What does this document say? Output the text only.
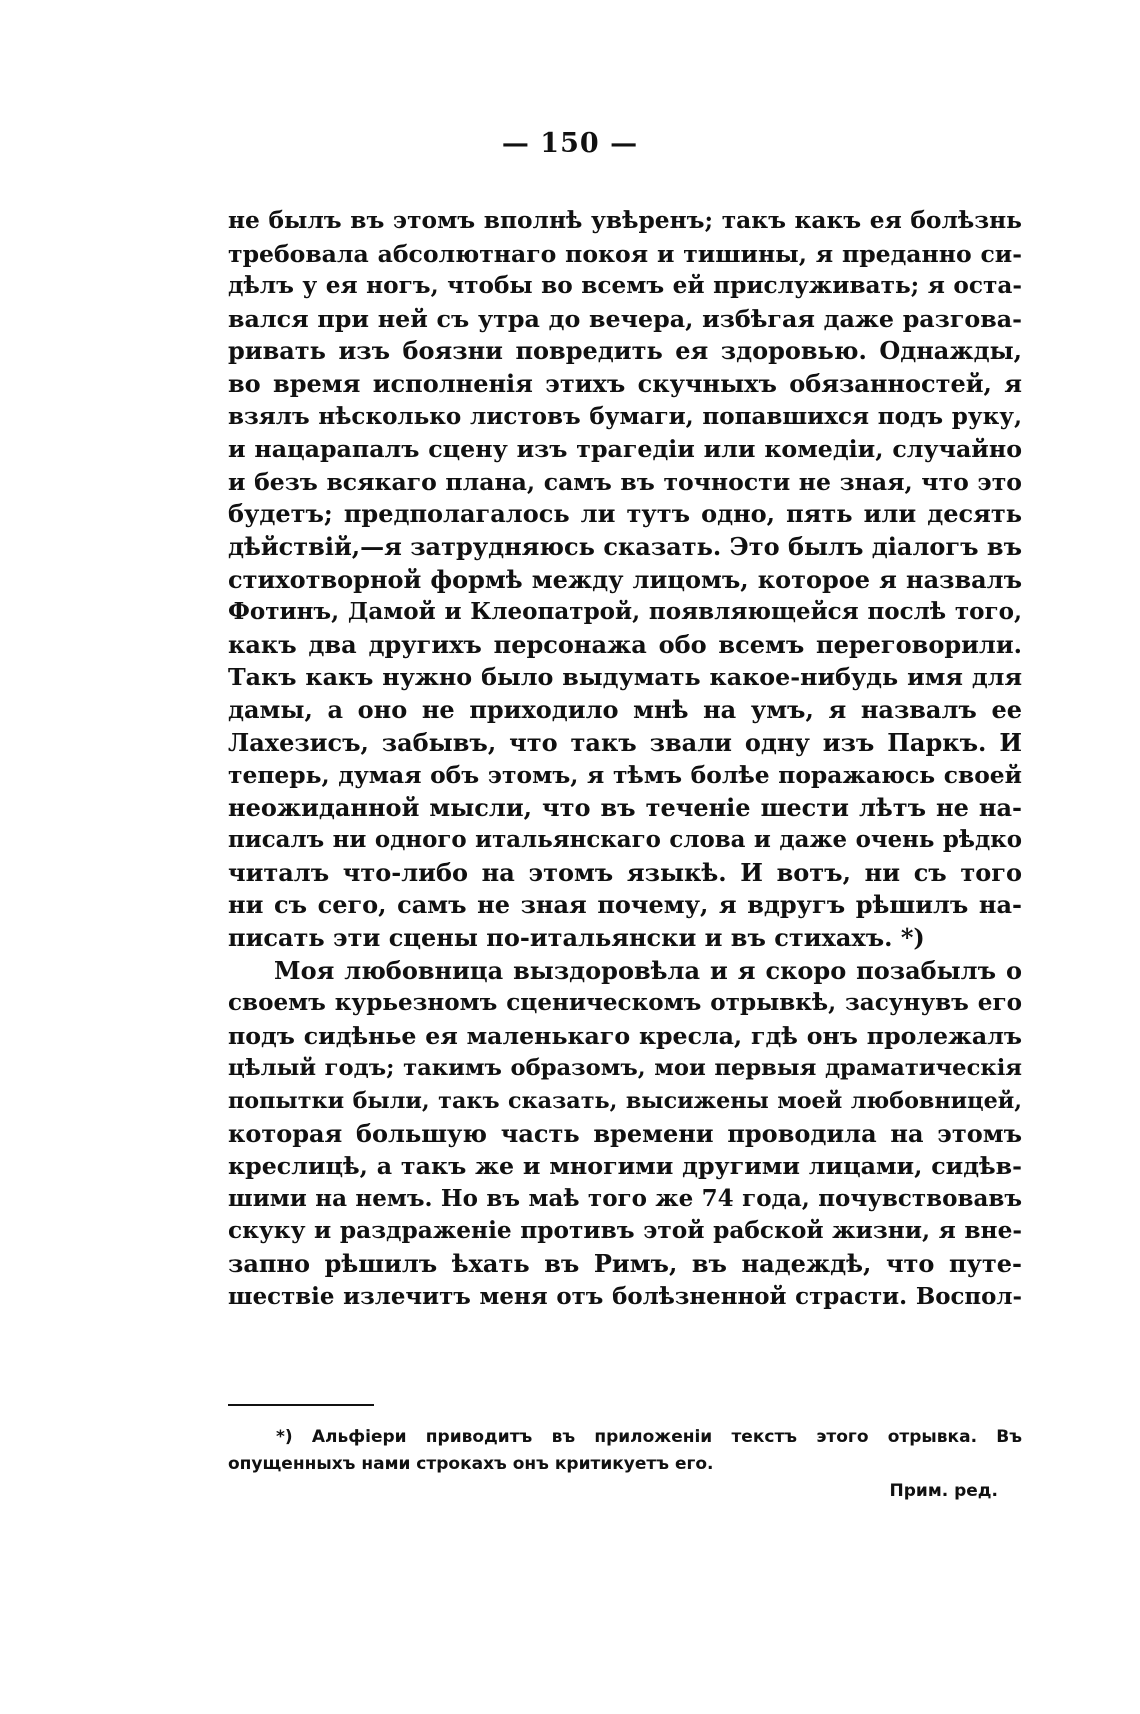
— 150 —
не былъ въ этомъ вполнѣ увѣренъ; такъ какъ ея болѣзнь
требовала абсолютнаго покоя и тишины, я преданно си-
дѣлъ у ея ногъ, чтобы во всемъ ей прислуживать; я оста-
вался при ней съ утра до вечера, избѣгая даже разгова-
ривать изъ боязни повредить ея здоровью. Однажды,
во время исполненія этихъ скучныхъ обязанностей, я
взялъ нѣсколько листовъ бумаги, попавшихся подъ руку,
и нацарапалъ сцену изъ трагедіи или комедіи, случайно
и безъ всякаго плана, самъ въ точности не зная, что это
будетъ; предполагалось ли тутъ одно, пять или десять
дѣйствій,—я затрудняюсь сказать. Это былъ діалогъ въ
стихотворной формѣ между лицомъ, которое я назвалъ
Фотинъ, Дамой и Клеопатрой, появляющейся послѣ того,
какъ два другихъ персонажа обо всемъ переговорили.
Такъ какъ нужно было выдумать какое-нибудь имя для
дамы, а оно не приходило мнѣ на умъ, я назвалъ ее
Лахезисъ, забывъ, что такъ звали одну изъ Паркъ. И
теперь, думая объ этомъ, я тѣмъ болѣе поражаюсь своей
неожиданной мысли, что въ теченіе шести лѣтъ не на-
писалъ ни одного итальянскаго слова и даже очень рѣдко
читалъ что-либо на этомъ языкѣ. И вотъ, ни съ того
ни съ сего, самъ не зная почему, я вдругъ рѣшилъ на-
писать эти сцены по-итальянски и въ стихахъ. *)
Моя любовница выздоровѣла и я скоро позабылъ о
своемъ курьезномъ сценическомъ отрывкѣ, засунувъ его
подъ сидѣнье ея маленькаго кресла, гдѣ онъ пролежалъ
цѣлый годъ; такимъ образомъ, мои первыя драматическія
попытки были, такъ сказать, высижены моей любовницей,
которая большую часть времени проводила на этомъ
креслицѣ, а такъ же и многими другими лицами, сидѣв-
шими на немъ. Но въ маѣ того же 74 года, почувствовавъ
скуку и раздраженіе противъ этой рабской жизни, я вне-
запно рѣшилъ ѣхать въ Римъ, въ надеждѣ, что путе-
шествіе излечитъ меня отъ болѣзненной страсти. Воспол-
*) Альфіери приводитъ въ приложеніи текстъ этого отрывка. Въ
опущенныхъ нами строкахъ онъ критикуетъ его.
Прим. ред.
